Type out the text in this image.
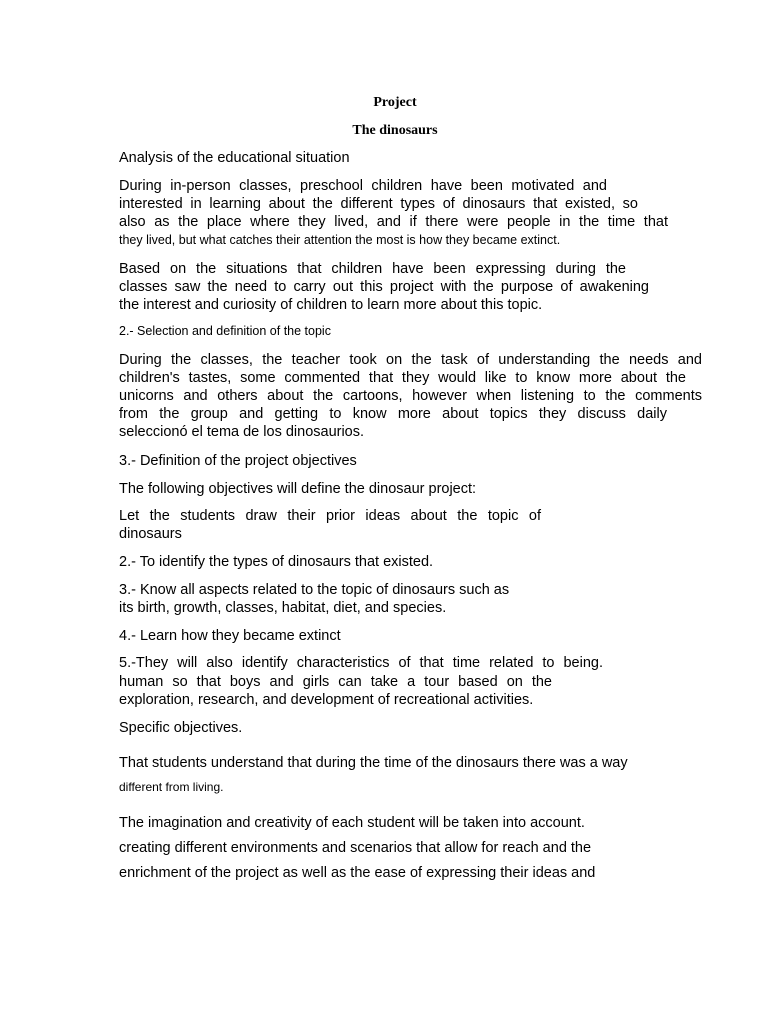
Project

The dinosaurs

Analysis of the educational situation

During in-person classes, preschool children have been motivated and

interested in learning about the different types of dinosaurs that existed, so

also as the place where they lived, and if there were people in the time that

they lived, but what catches their attention the most is how they became extinct.

Based on the situations that children have been expressing during the

classes saw the need to carry out this project with the purpose of awakening

the interest and curiosity of children to learn more about this topic.

2.- Selection and definition of the topic

During the classes, the teacher took on the task of understanding the needs and

children's tastes, some commented that they would like to know more about the

unicorns and others about the cartoons, however when listening to the comments

from the group and getting to know more about topics they discuss daily

seleccionó el tema de los dinosaurios.

3.- Definition of the project objectives

The following objectives will define the dinosaur project:

Let the students draw their prior ideas about the topic of

dinosaurs

2.- To identify the types of dinosaurs that existed.

3.- Know all aspects related to the topic of dinosaurs such as

its birth, growth, classes, habitat, diet, and species.

4.- Learn how they became extinct

5.-They will also identify characteristics of that time related to being.

human so that boys and girls can take a tour based on the

exploration, research, and development of recreational activities.

Specific objectives.

That students understand that during the time of the dinosaurs there was a way

different from living.

The imagination and creativity of each student will be taken into account.

creating different environments and scenarios that allow for reach and the

enrichment of the project as well as the ease of expressing their ideas and
